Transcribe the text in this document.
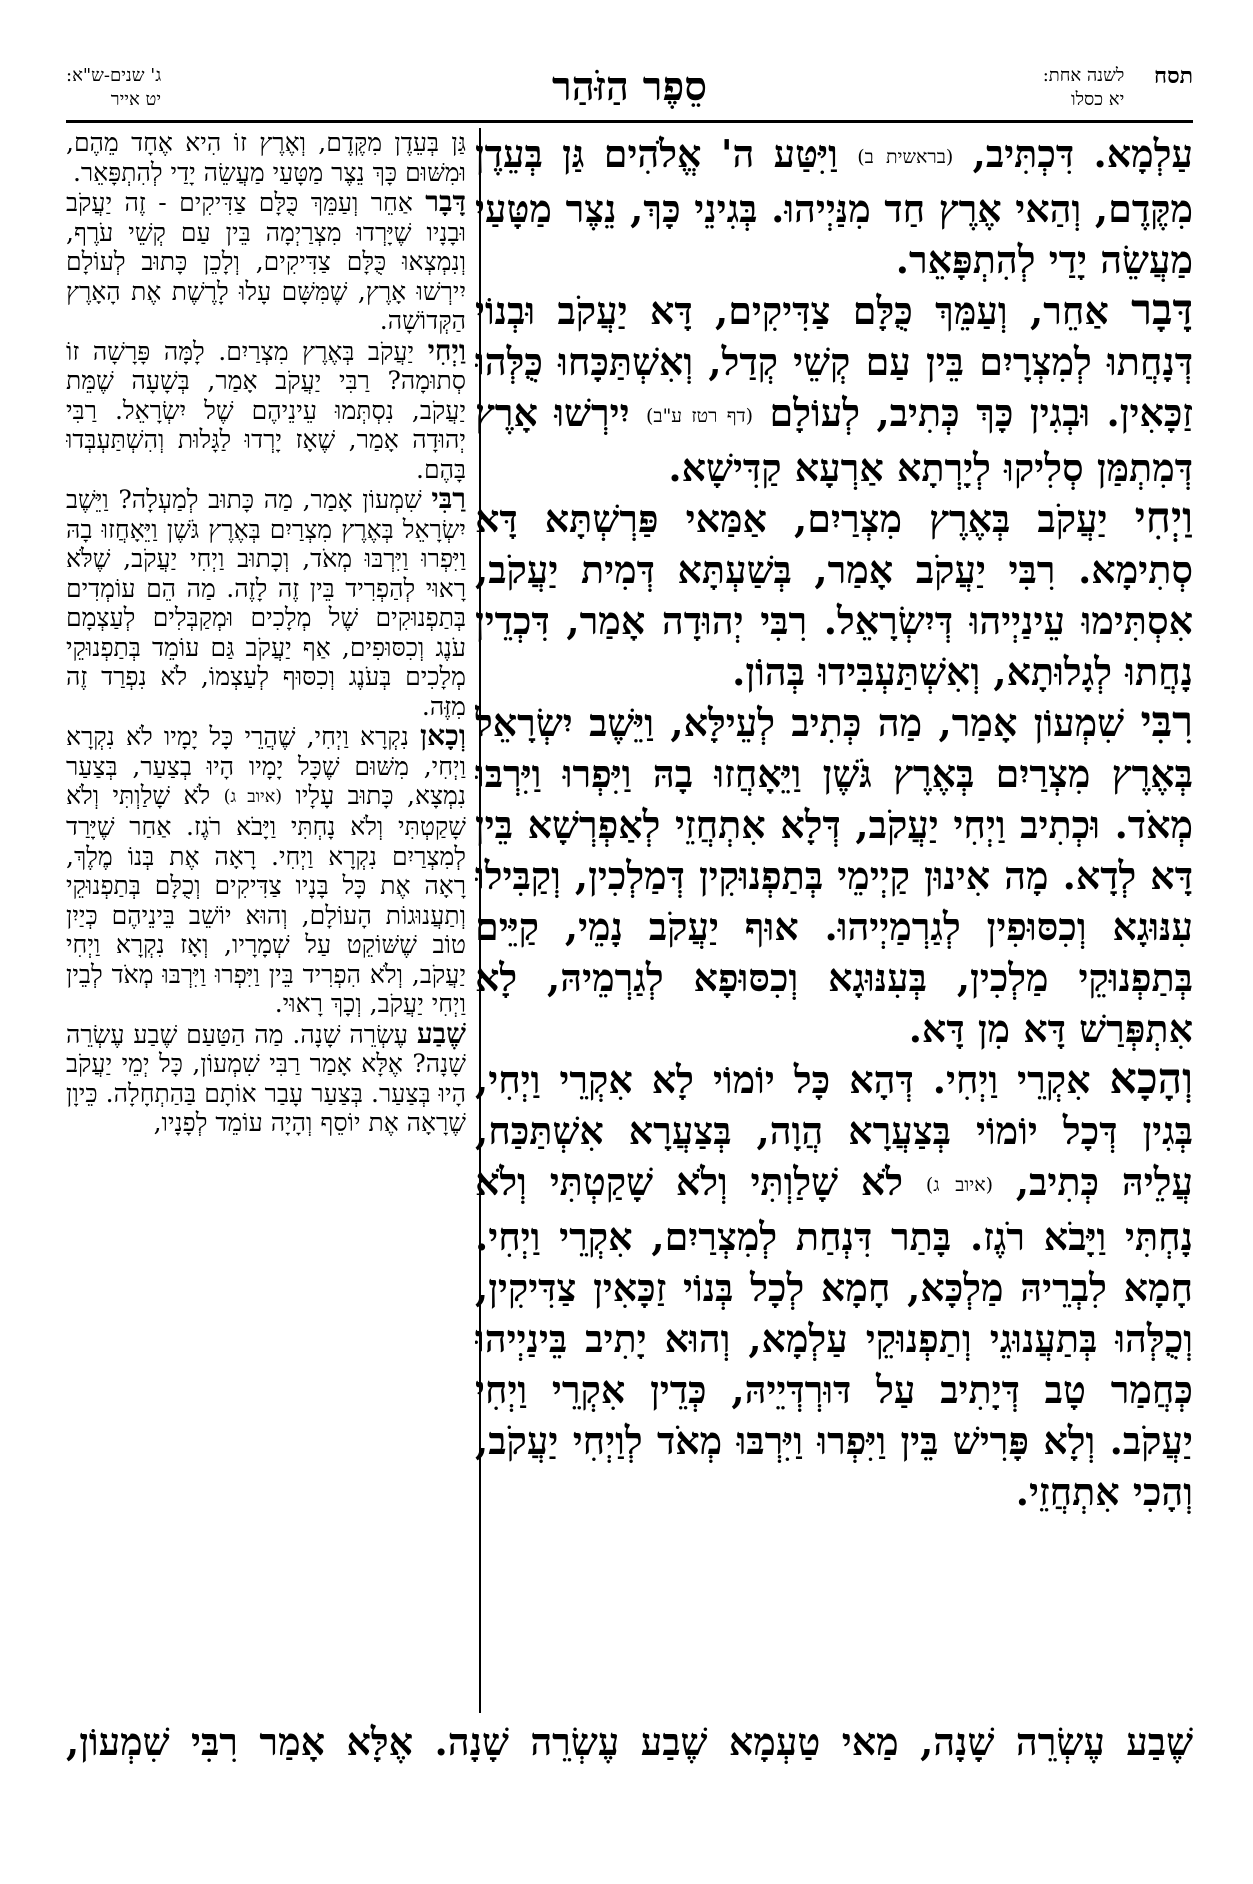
תסח לשנה אחת:
יא כסלו
סֵפֶר הַזֹּהַר
ג' שנים-ש"א:
יט אייר

עַלְמָא. דִּכְתִּיב, (בראשית ב) וַיִּטַּע ה' אֱלֹהִים גַּן בְּעֵדֶן מִקֶּדֶם, וְהַאי אֶרֶץ חַד מִנַּיְיהוּ. בְּגִינֵי כָּךְ, נֵצֶר מַטָּעַי מַעֲשֵׂה יָדַי לְהִתְפָּאֵר.

דָּבָר אַחֵר, וְעַמֵּךְ כֻּלָּם צַדִּיקִים, דָּא יַעֲקֹב וּבְנוֹי דְּנָחֲתוּ לְמִצְרָיִם בֵּין עַם קְשֵׁי קְדַל, וְאִשְׁתַּכָּחוּ כֻּלְּהוּ זַכָּאִין. וּבְגִין כָּךְ כְּתִיב, לְעוֹלָם (דף רטז ע"ב) יִירְשׁוּ אָרֶץ דְּמִתְמַּן סְלִיקוּ לְיָרְתָא אַרְעָא קַדִּישָׁא.

וַיְחִי יַעֲקֹב בְּאֶרֶץ מִצְרַיִם, אַמַּאי פַּרְשְׁתָּא דָּא סְתִימָא. רִבִּי יַעֲקֹב אָמַר, בְּשַׁעְתָּא דְּמִית יַעֲקֹב, אִסְתִּימוּ עֵינַיְיהוּ דְּיִשְׂרָאֵל. רִבִּי יְהוּדָה אָמַר, דִּכְדֵין נָחֲתוּ לְגָלוּתָא, וְאִשְׁתַּעְבִּידוּ בְּהוֹן.

רִבִּי שִׁמְעוֹן אָמַר, מַה כְּתִיב לְעֵילָּא, וַיֵּשֶׁב יִשְׂרָאֵל בְּאֶרֶץ מִצְרַיִם בְּאֶרֶץ גֹּשֶׁן וַיֵּאָחֲזוּ בָהּ וַיִּפְרוּ וַיִּרְבּוּ מְאֹד. וּכְתִיב וַיְחִי יַעֲקֹב, דְּלָא אִתְחֲזֵי לְאַפְרְשָׁא בֵּין דָּא לְדָא. מָה אִינוּן קַיְימֵי בְּתַפְנוּקִין דְּמַלְכִין, וְקַבִּילוּ עִנּוּגָא וְכִסּוּפִין לְגַרְמַיְיהוּ. אוּף יַעֲקֹב נָמֵי, קַיֵּים בְּתַפְנוּקֵי מַלְכִין, בְּעִנּוּגָא וְכִסּוּפָא לְגַרְמֵיהּ, לָא אִתְפְּרַשׁ דָּא מִן דָּא.

וְהָכָא אִקְרֵי וַיְחִי. דְּהָא כָּל יוֹמוֹי לָא אִקְרֵי וַיְחִי, בְּגִין דְּכָל יוֹמוֹי בְּצַעֲרָא הֲוָה, בְּצַעֲרָא אִשְׁתַּכַּח, עֲלֵיהּ כְּתִיב, (איוב ג) לֹא שָׁלַוְתִּי וְלֹא שָׁקַטְתִּי וְלֹא נָחְתִּי וַיָּבֹא רֹגֶז. בָּתַר דִּנְחַת לְמִצְרַיִם, אִקְרֵי וַיְחִי. חָמָא לִבְרֵיהּ מַלְכָּא, חָמָא לְכָל בְּנוֹי זַכָּאִין צַדִּיקִין, וְכֻלְּהוּ בְּתַעֲנוּגֵי וְתַפְנוּקֵי עַלְמָא, וְהוּא יָתִיב בֵּינַיְיהוּ כְּחֲמַר טָב דְּיָתִיב עַל דּוּרְדְּיֵיהּ, כְּדֵין אִקְרֵי וַיְחִי יַעֲקֹב. וְלָא פָּרִישׁ בֵּין וַיִּפְרוּ וַיִּרְבּוּ מְאֹד לְוַיְחִי יַעֲקֹב, וְהָכִי אִתְחֲזֵי.

גַּן בְּעֵדֶן מִקֶּדֶם, וְאֶרֶץ זוֹ הִיא אֶחָד מֵהֶם, וּמִשּׁוּם כָּךְ נֵצֶר מַטָּעַי מַעֲשֵׂה יָדַי לְהִתְפָּאֵר.

דָּבָר אַחֵר וְעַמֵּךְ כֻּלָּם צַדִּיקִים - זֶה יַעֲקֹב וּבָנָיו שֶׁיָּרְדוּ מִצְרַיְמָה בֵּין עַם קְשֵׁי עֹרֶף, וְנִמְצְאוּ כֻּלָּם צַדִּיקִים, וְלָכֵן כָּתוּב לְעוֹלָם יִירְשׁוּ אָרֶץ, שֶׁמִּשָּׁם עָלוּ לָרֶשֶׁת אֶת הָאָרֶץ הַקְּדוֹשָׁה.

וַיְחִי יַעֲקֹב בְּאֶרֶץ מִצְרַיִם. לָמָּה פָּרָשָׁה זוֹ סְתוּמָה? רַבִּי יַעֲקֹב אָמַר, בְּשָׁעָה שֶׁמֵּת יַעֲקֹב, נִסְתְּמוּ עֵינֵיהֶם שֶׁל יִשְׂרָאֵל. רַבִּי יְהוּדָה אָמַר, שֶׁאָז יָרְדוּ לַגָּלוּת וְהִשְׁתַּעְבְּדוּ בָּהֶם.

רַבִּי שִׁמְעוֹן אָמַר, מַה כָּתוּב לְמַעְלָה? וַיֵּשֶׁב יִשְׂרָאֵל בְּאֶרֶץ מִצְרַיִם בְּאֶרֶץ גֹּשֶׁן וַיֵּאָחֲזוּ בָהּ וַיִּפְרוּ וַיִּרְבּוּ מְאֹד, וְכָתוּב וַיְחִי יַעֲקֹב, שֶׁלֹּא רָאוּי לְהַפְרִיד בֵּין זֶה לָזֶה. מַה הֵם עוֹמְדִים בְּתַפְנוּקִים שֶׁל מְלָכִים וּמְקַבְּלִים לְעַצְמָם עֹנֶג וְכִסּוּפִים, אַף יַעֲקֹב גַּם עוֹמֵד בְּתַפְנוּקֵי מְלָכִים בְּעֹנֶג וְכִסּוּף לְעַצְמוֹ, לֹא נִפְרַד זֶה מִזֶּה.

וְכָאן נִקְרָא וַיְחִי, שֶׁהֲרֵי כָּל יָמָיו לֹא נִקְרָא וַיְחִי, מִשּׁוּם שֶׁכָּל יָמָיו הָיוּ בְצַעַר, בְּצַעַר נִמְצָא, כָּתוּב עָלָיו (איוב ג) לֹא שָׁלַוְתִּי וְלֹא שָׁקַטְתִּי וְלֹא נָחְתִּי וַיָּבֹא רֹגֶז. אַחַר שֶׁיָּרַד לְמִצְרַיִם נִקְרָא וַיְחִי. רָאָה אֶת בְּנוֹ מֶלֶךְ, רָאָה אֶת כָּל בָּנָיו צַדִּיקִים וְכֻלָּם בְּתַפְנוּקֵי וְתַעֲנוּגוֹת הָעוֹלָם, וְהוּא יוֹשֵׁב בֵּינֵיהֶם כְּיַיִן טוֹב שֶׁשּׁוֹקֵט עַל שְׁמָרָיו, וְאָז נִקְרָא וַיְחִי יַעֲקֹב, וְלֹא הִפְרִיד בֵּין וַיִּפְרוּ וַיִּרְבּוּ מְאֹד לְבֵין וַיְחִי יַעֲקֹב, וְכָךְ רָאוּי.

שֶׁבַע עֶשְׂרֵה שָׁנָה. מַה הַטַּעַם שֶׁבַע עֶשְׂרֵה שָׁנָה? אֶלָּא אָמַר רַבִּי שִׁמְעוֹן, כָּל יְמֵי יַעֲקֹב הָיוּ בְּצַעַר. בְּצַעַר עָבַר אוֹתָם בַּהַתְחָלָה. כֵּיוָן שֶׁרָאָה אֶת יוֹסֵף וְהָיָה עוֹמֵד לְפָנָיו,

שֶׁבַע עֶשְׂרֵה שָׁנָה, מַאי טַעְמָא שֶׁבַע עֶשְׂרֵה שָׁנָה. אֶלָּא אָמַר רִבִּי שִׁמְעוֹן,
